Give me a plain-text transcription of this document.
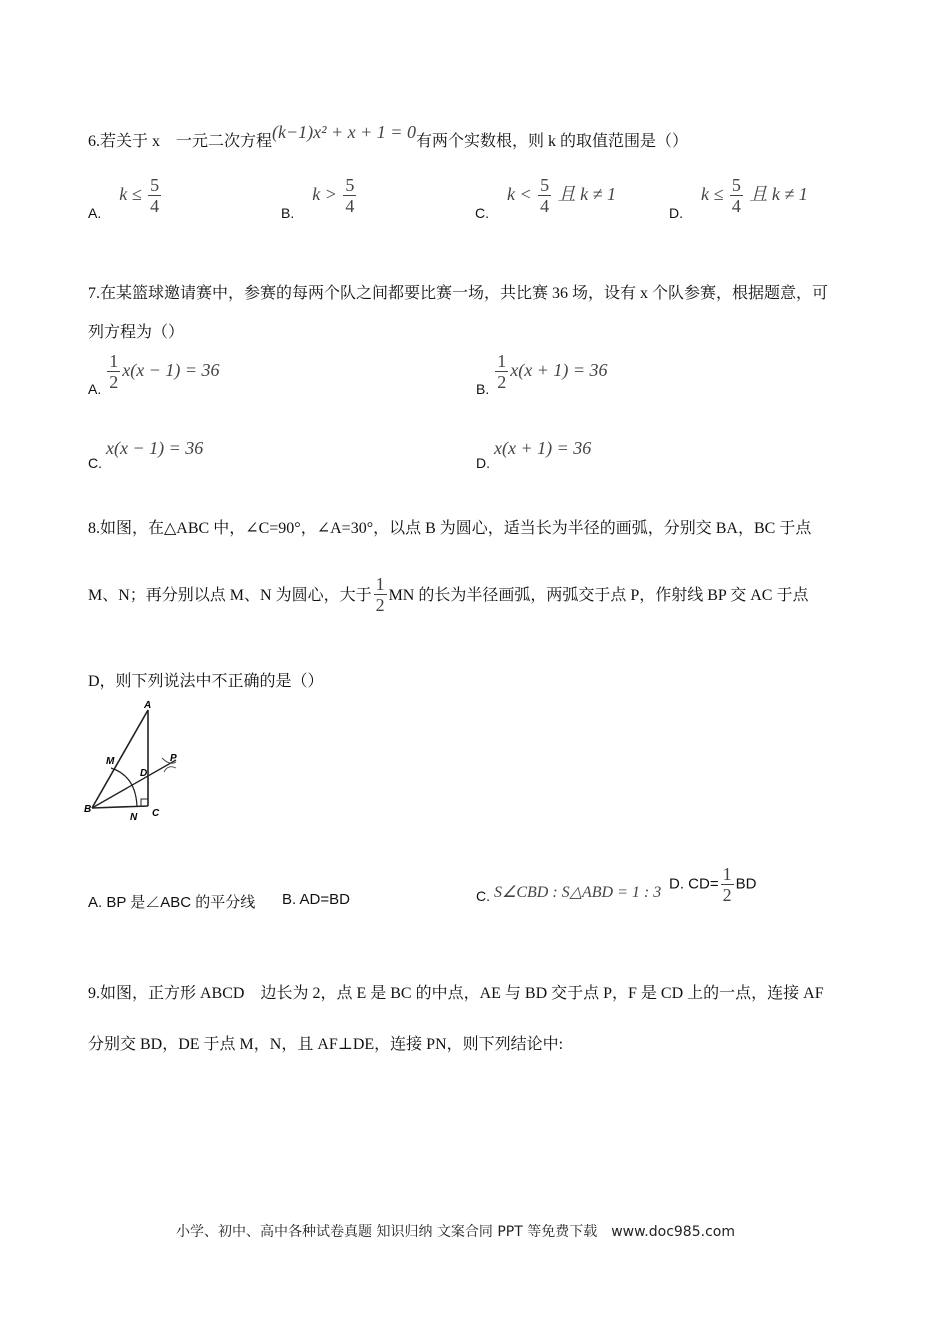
6.若关于 x　一元二次方程(k−1)x² + x + 1 = 0有两个实数根，则 k 的取值范围是（）
A. $k \le \frac{5}{4}$	B. $k > \frac{5}{4}$	C. $k < \frac{5}{4}$ 且 k ≠ 1
D. $k \le \frac{5}{4}$ 且 k ≠ 1
7.在某篮球邀请赛中，参赛的每两个队之间都要比赛一场，共比赛 36 场，设有 x 个队参赛，根据题意，可
列方程为（）
A. $\frac{1}{2} x(x - 1) = 36$
B. $\frac{1}{2} x(x + 1) = 36$
C. x(x − 1) = 36
D. x(x + 1) = 36
8.如图，在△ABC 中，∠C=90°，∠A=30°，以点 B 为圆心，适当长为半径的画弧，分别交 BA，BC 于点
M、N；再分别以点 M、N 为圆心，大于 $\frac{1}{2}$ MN 的长为半径画弧，两弧交于点 P，作射线 BP 交 AC 于点
D，则下列说法中不正确的是（）
A
B	C
D
M
N
P
A. BP 是∠ABC 的平分线 B. AD=BD	C. S∠CBD : S△ABD = 1 : 3
D. $CD= \frac{1}{2}$ BD
9.如图，正方形 ABCD　边长为 2，点 E 是 BC 的中点，AE 与 BD 交于点 P，F 是 CD 上的一点，连接 AF
分别交 BD，DE 于点 M，N，且 AF⊥DE，连接 PN，则下列结论中:
小学、初中、高中各种试卷真题 知识归纳 文案合同 PPT 等免费下载　www.doc985.com
